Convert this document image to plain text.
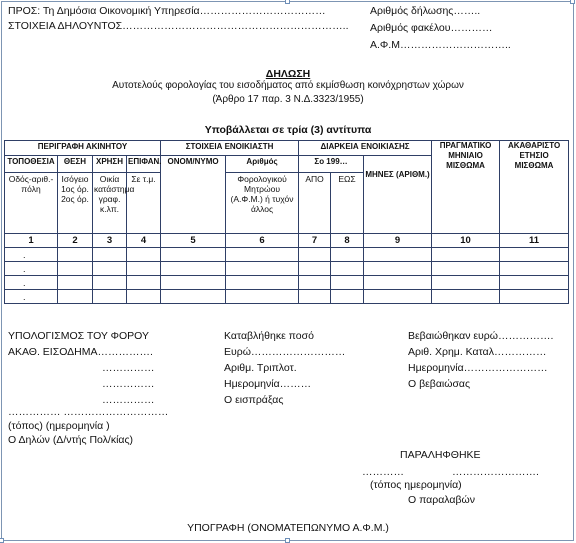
ΠΡΟΣ: Τη Δημόσια Οικονομική Υπηρεσία………………………………
ΣΤΟΙΧΕΙΑ ΔΗΛΟΥΝΤΟΣ………………………………………………………..
Αριθμός δήλωσης……..
Αριθμός φακέλου…………
Α.Φ.Μ…………………………..
ΔΗΛΩΣΗ
Αυτοτελούς φορολογίας του εισοδήματος από εκμίσθωση κοινόχρηστων χώρων
(Άρθρο 17 παρ. 3 Ν.Δ.3323/1955)
Υποβάλλεται σε τρία (3) αντίτυπα
ΠΕΡΙΓΡΑΦΗ ΑΚΙΝΗΤΟΥ				ΣΤΟΙΧΕΙΑ ΕΝΟΙΚΙΑΣΤΗ		ΔΙΑΡΚΕΙΑ ΕΝΟΙΚΙΑΣΗΣ			ΠΡΑΓΜΑΤΙΚΟ ΜΗΝΙΑΙΟ ΜΙΣΘΩΜΑ	ΑΚΑΘΑΡΙΣΤΟ ΕΤΗΣΙΟ ΜΙΣΘΩΜΑ
ΤΟΠΟΘΕΣΙΑ	ΘΕΣΗ	ΧΡΗΣΗ	ΕΠΙΦΑΝ.	ΟΝΟΜ/ΝΥΜΟ	Αριθμός	Σο 199…		ΜΗΝΕΣ (ΑΡΙΘΜ.)		
Οδός-αριθ.-πόλη	Ισόγειο 1ος όρ. 2ος όρ.	Οικία κατάστημα γραφ. κ.λπ.	Σε τ.μ.		Φορολογικού Μητρώου (Α.Φ.Μ.) ή τυχόν άλλος	ΑΠΟ	ΕΩΣ			
1	2	3	4	5	6	7	8	9	10	11
.										
.										
.										
.										
ΥΠΟΛΟΓΙΣΜΟΣ ΤΟΥ ΦΟΡΟΥ
ΑΚΑΘ. ΕΙΣΟΔΗΜΑ…………….
……………
……………
……………
…………… …………………………
(τόπος) (ημερομηνία )
Ο Δηλών (Δ/ντής Πολ/κίας)
Καταβλήθηκε ποσό
Ευρώ………………………
Αριθμ. Τριπλοτ.
Ημερομηνία………
Ο εισπράξας
Βεβαιώθηκαν ευρώ…………….
Αριθ. Χρημ. Καταλ……………
Ημερομηνία……………………
Ο βεβαιώσας
ΠΑΡΑΛΗΦΘΗΚΕ
…………	…………………….
(τόπος ημερομηνία)
Ο παραλαβών
ΥΠΟΓΡΑΦΗ (ΟΝΟΜΑΤΕΠΩΝΥΜΟ Α.Φ.Μ.)
